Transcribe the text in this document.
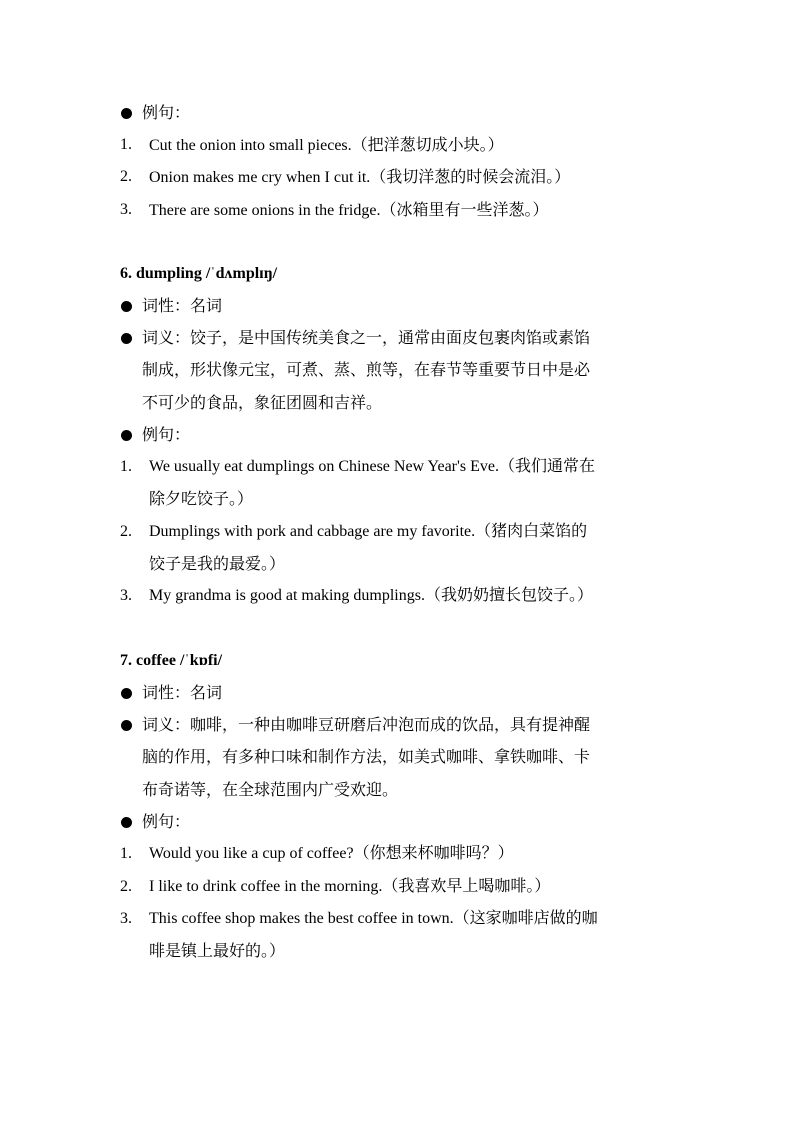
例句：
1. Cut the onion into small pieces.（把洋葱切成小块。）
2. Onion makes me cry when I cut it.（我切洋葱的时候会流泪。）
3. There are some onions in the fridge.（冰箱里有一些洋葱。）
6. dumpling /ˈdʌmplɪŋ/
词性：名词
词义：饺子，是中国传统美食之一，通常由面皮包裹肉馅或素馅
制成，形状像元宝，可煮、蒸、煎等，在春节等重要节日中是必
不可少的食品，象征团圆和吉祥。
例句：
1. We usually eat dumplings on Chinese New Year's Eve.（我们通常在
除夕吃饺子。）
2. Dumplings with pork and cabbage are my favorite.（猪肉白菜馅的
饺子是我的最爱。）
3. My grandma is good at making dumplings.（我奶奶擅长包饺子。）
7. coffee /ˈkɒfi/
词性：名词
词义：咖啡，一种由咖啡豆研磨后冲泡而成的饮品，具有提神醒
脑的作用，有多种口味和制作方法，如美式咖啡、拿铁咖啡、卡
布奇诺等，在全球范围内广受欢迎。
例句：
1. Would you like a cup of coffee?（你想来杯咖啡吗？）
2. I like to drink coffee in the morning.（我喜欢早上喝咖啡。）
3. This coffee shop makes the best coffee in town.（这家咖啡店做的咖
啡是镇上最好的。）
